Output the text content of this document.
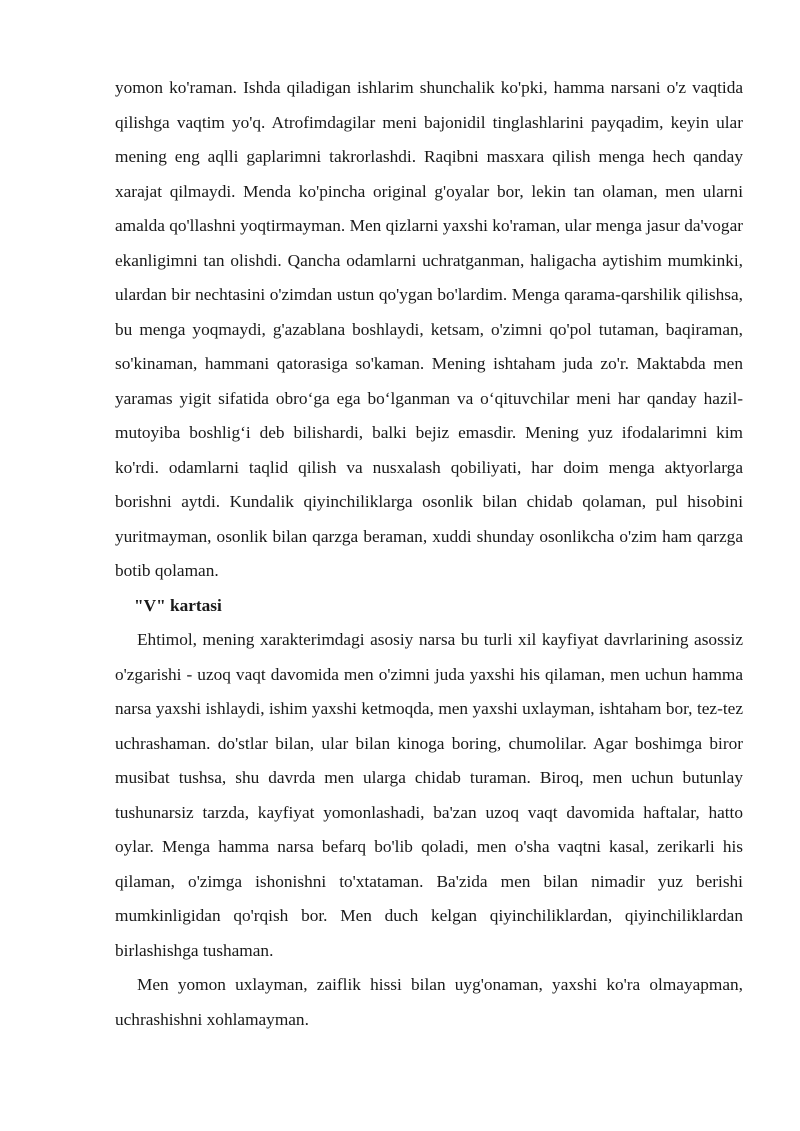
yomon ko'raman. Ishda qiladigan ishlarim shunchalik ko'pki, hamma narsani o'z vaqtida qilishga vaqtim yo'q. Atrofimdagilar meni bajonidil tinglashlarini payqadim, keyin ular mening eng aqlli gaplarimni takrorlashdi. Raqibni masxara qilish menga hech qanday xarajat qilmaydi. Menda ko'pincha original g'oyalar bor, lekin tan olaman, men ularni amalda qo'llashni yoqtirmayman. Men qizlarni yaxshi ko'raman, ular menga jasur da'vogar ekanligimni tan olishdi. Qancha odamlarni uchratganman, haligacha aytishim mumkinki, ulardan bir nechtasini o'zimdan ustun qo'ygan bo'lardim. Menga qarama-qarshilik qilishsa, bu menga yoqmaydi, g'azablana boshlaydi, ketsam, o'zimni qo'pol tutaman, baqiraman, so'kinaman, hammani qatorasiga so'kaman. Mening ishtaham juda zo'r. Maktabda men yaramas yigit sifatida obro‘ga ega bo‘lganman va o‘qituvchilar meni har qanday hazil-mutoyiba boshlig‘i deb bilishardi, balki bejiz emasdir. Mening yuz ifodalarimni kim ko'rdi. odamlarni taqlid qilish va nusxalash qobiliyati, har doim menga aktyorlarga borishni aytdi. Kundalik qiyinchiliklarga osonlik bilan chidab qolaman, pul hisobini yuritmayman, osonlik bilan qarzga beraman, xuddi shunday osonlikcha o'zim ham qarzga botib qolaman.

"V" kartasi

Ehtimol, mening xarakterimdagi asosiy narsa bu turli xil kayfiyat davrlarining asossiz o'zgarishi - uzoq vaqt davomida men o'zimni juda yaxshi his qilaman, men uchun hamma narsa yaxshi ishlaydi, ishim yaxshi ketmoqda, men yaxshi uxlayman, ishtaham bor, tez-tez uchrashaman. do'stlar bilan, ular bilan kinoga boring, chumolilar. Agar boshimga biror musibat tushsa, shu davrda men ularga chidab turaman. Biroq, men uchun butunlay tushunarsiz tarzda, kayfiyat yomonlashadi, ba'zan uzoq vaqt davomida haftalar, hatto oylar. Menga hamma narsa befarq bo'lib qoladi, men o'sha vaqtni kasal, zerikarli his qilaman, o'zimga ishonishni to'xtataman. Ba'zida men bilan nimadir yuz berishi mumkinligidan qo'rqish bor. Men duch kelgan qiyinchiliklardan, qiyinchiliklardan birlashishga tushaman.

Men yomon uxlayman, zaiflik hissi bilan uyg'onaman, yaxshi ko'ra olmayapman, uchrashishni xohlamayman.
